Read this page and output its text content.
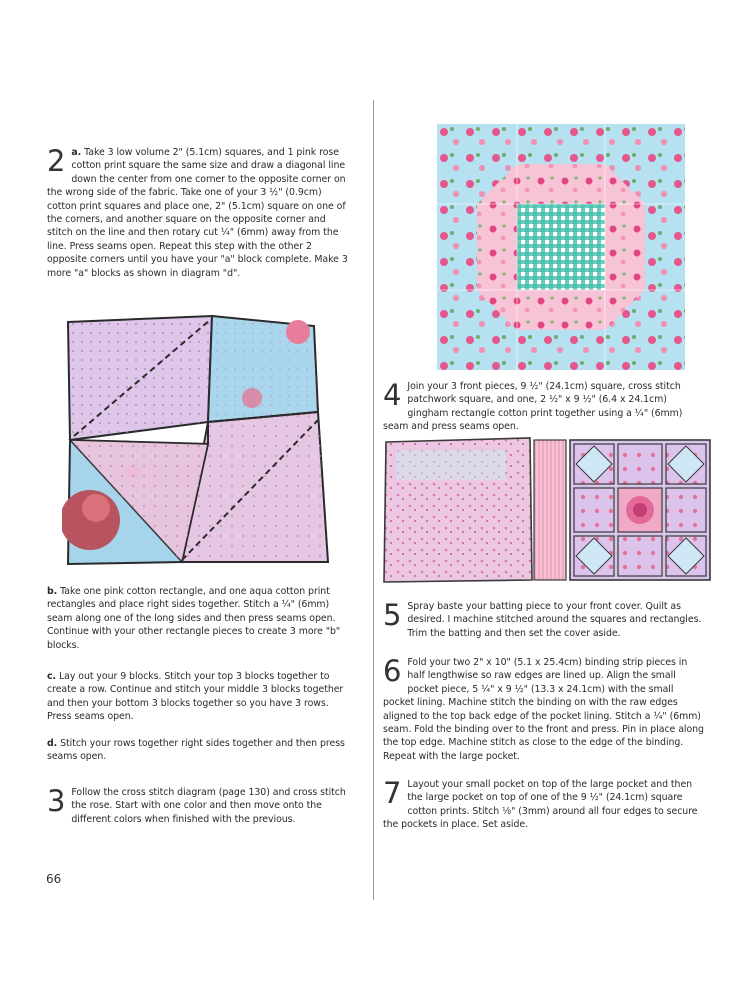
2 a. Take 3 low volume 2" (5.1cm) squares, and 1 pink rose cotton print square the same size and draw a diagonal line down the center from one corner to the opposite corner on the wrong side of the fabric. Take one of your 3 ½" (0.9cm) cotton print squares and place one, 2" (5.1cm) square on one of the corners, and another square on the opposite corner and stitch on the line and then rotary cut ¼" (6mm) away from the line. Press seams open. Repeat this step with the other 2 opposite corners until you have your "a" block complete. Make 3 more "a" blocks as shown in diagram "d".

b. Take one pink cotton rectangle, and one aqua cotton print rectangles and place right sides together. Stitch a ¼" (6mm) seam along one of the long sides and then press seams open. Continue with your other rectangle pieces to create 3 more "b" blocks.

c. Lay out your 9 blocks. Stitch your top 3 blocks together to create a row. Continue and stitch your middle 3 blocks together and then your bottom 3 blocks together so you have 3 rows. Press seams open.

d. Stitch your rows together right sides together and then press seams open.

3 Follow the cross stitch diagram (page 130) and cross stitch the rose. Start with one color and then move onto the different colors when finished with the previous.

66
4 Join your 3 front pieces, 9 ½" (24.1cm) square, cross stitch patchwork square, and one, 2 ½" x 9 ½" (6.4 x 24.1cm) gingham rectangle cotton print together using a ¼" (6mm) seam and press seams open.

5 Spray baste your batting piece to your front cover. Quilt as desired. I machine stitched around the squares and rectangles. Trim the batting and then set the cover aside.

6 Fold your two 2" x 10" (5.1 x 25.4cm) binding strip pieces in half lengthwise so raw edges are lined up. Align the small pocket piece, 5 ¼" x 9 ½" (13.3 x 24.1cm) with the small pocket lining. Machine stitch the binding on with the raw edges aligned to the top back edge of the pocket lining. Stitch a ¼" (6mm) seam. Fold the binding over to the front and press. Pin in place along the top edge. Machine stitch as close to the edge of the binding. Repeat with the large pocket.

7 Layout your small pocket on top of the large pocket and then the large pocket on top of one of the 9 ½" (24.1cm) square cotton prints. Stitch ⅛" (3mm) around all four edges to secure the pockets in place. Set aside.
